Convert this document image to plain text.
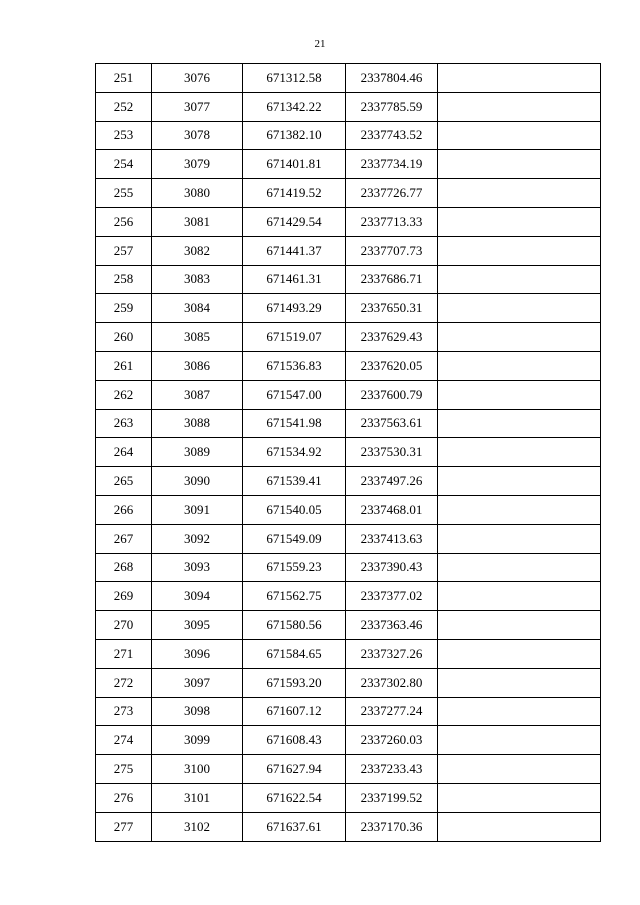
21
251	3076	671312.58	2337804.46	
252	3077	671342.22	2337785.59	
253	3078	671382.10	2337743.52	
254	3079	671401.81	2337734.19	
255	3080	671419.52	2337726.77	
256	3081	671429.54	2337713.33	
257	3082	671441.37	2337707.73	
258	3083	671461.31	2337686.71	
259	3084	671493.29	2337650.31	
260	3085	671519.07	2337629.43	
261	3086	671536.83	2337620.05	
262	3087	671547.00	2337600.79	
263	3088	671541.98	2337563.61	
264	3089	671534.92	2337530.31	
265	3090	671539.41	2337497.26	
266	3091	671540.05	2337468.01	
267	3092	671549.09	2337413.63	
268	3093	671559.23	2337390.43	
269	3094	671562.75	2337377.02	
270	3095	671580.56	2337363.46	
271	3096	671584.65	2337327.26	
272	3097	671593.20	2337302.80	
273	3098	671607.12	2337277.24	
274	3099	671608.43	2337260.03	
275	3100	671627.94	2337233.43	
276	3101	671622.54	2337199.52	
277	3102	671637.61	2337170.36	
